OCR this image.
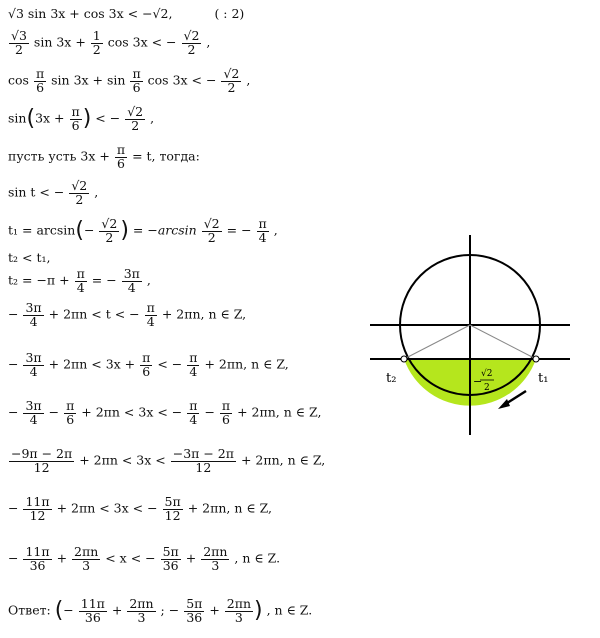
√3 sin 3x + cos 3x < −√2,	( : 2)
$\frac{√3}{2}$ $\sin 3x + \frac{1}{2}$ cos 3x < − $\frac{√2}{2}$ ,
$\cos \frac{\pi}{6}$ $\sin 3x + \sin \frac{\pi}{6}$ cos 3x < − $\frac{√2}{2}$ ,
$\sin(3x + \frac{\pi}{6}$ ) < − $\frac{√2}{2}$ ,
пусть усть $3x + \frac{\pi}{6} = t$, тогда:
sin t < − $\frac{√2}{2}$ ,
$t_1 = \arcsin(- \frac{√2}{2}$ ) = $-\arcsin \frac{√2}{2}$ = − $\frac{\pi}{4}$ ,
t₂ < t₁,
$t_2 = -\pi + \frac{\pi}{4}$ = − $\frac{3\pi}{4}$ ,
− $\frac{3\pi}{4} + 2\pi n < t$ < − $\frac{\pi}{4} + 2\pi n$, n ∈ Z,
− $\frac{3\pi}{4} + 2\pi n < 3x + \frac{\pi}{6}$ < − $\frac{\pi}{4} + 2\pi n$, n ∈ Z,
− $\frac{3\pi}{4} - \frac{\pi}{6} + 2\pi n < 3x$ < − $\frac{\pi}{4} - \frac{\pi}{6} + 2\pi n$, n ∈ Z,
$\frac{-9\pi - 2\pi}{12} + 2\pi n < 3x < \frac{-3\pi - 2\pi}{12} + 2\pi n$, n ∈ Z,
− $\frac{11\pi}{12} + 2\pi n < 3x$ < − $\frac{5\pi}{12} + 2\pi n$, n ∈ Z,
− $\frac{11\pi}{36} + \frac{2\pi n}{3} < x$ < − $\frac{5\pi}{36} + \frac{2\pi n}{3}$ , n ∈ Z.
Ответ: (− $\frac{11\pi}{36} + \frac{2\pi n}{3}$ ; − $\frac{5\pi}{36} + \frac{2\pi n}{3}$ ) , n ∈ Z.
t₂	t₁
−
√2
2
